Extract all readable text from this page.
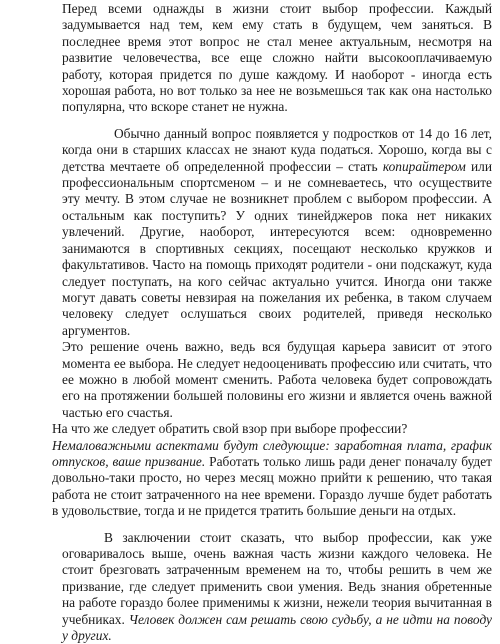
Перед всеми однажды в жизни стоит выбор профессии. Каждый задумывается над тем, кем ему стать в будущем, чем заняться. В последнее время этот вопрос не стал менее актуальным, несмотря на развитие человечества, все еще сложно найти высокооплачиваемую работу, которая придется по душе каждому. И наоборот - иногда есть хорошая работа, но вот только за нее не возьмешься так как она настолько популярна, что вскоре станет не нужна.

Обычно данный вопрос появляется у подростков от 14 до 16 лет, когда они в старших классах не знают куда податься. Хорошо, когда вы с детства мечтаете об определенной профессии – стать копирайтером или профессиональным спортсменом – и не сомневаетесь, что осуществите эту мечту. В этом случае не возникнет проблем с выбором профессии. А остальным как поступить? У одних тинейджеров пока нет никаких увлечений. Другие, наоборот, интересуются всем: одновременно занимаются в спортивных секциях, посещают несколько кружков и факультативов. Часто на помощь приходят родители - они подскажут, куда следует поступать, на кого сейчас актуально учится. Иногда они также могут давать советы невзирая на пожелания их ребенка, в таком случаем человеку следует ослушаться своих родителей, приведя несколько аргументов.

Это решение очень важно, ведь вся будущая карьера зависит от этого момента ее выбора. Не следует недооценивать профессию или считать, что ее можно в любой момент сменить. Работа человека будет сопровождать его на протяжении большей половины его жизни и является очень важной частью его счастья.

На что же следует обратить свой взор при выборе профессии?

Немаловажными аспектами будут следующие: заработная плата, график отпусков, ваше призвание. Работать только лишь ради денег поначалу будет довольно-таки просто, но через месяц можно прийти к решению, что такая работа не стоит затраченного на нее времени. Гораздо лучше будет работать в удовольствие, тогда и не придется тратить большие деньги на отдых.

В заключении стоит сказать, что выбор профессии, как уже оговаривалось выше, очень важная часть жизни каждого человека. Не стоит брезговать затраченным временем на то, чтобы решить в чем же призвание, где следует применить свои умения. Ведь знания обретенные на работе гораздо более применимы к жизни, нежели теория вычитанная в учебниках. Человек должен сам решать свою судьбу, а не идти на поводу у других.
